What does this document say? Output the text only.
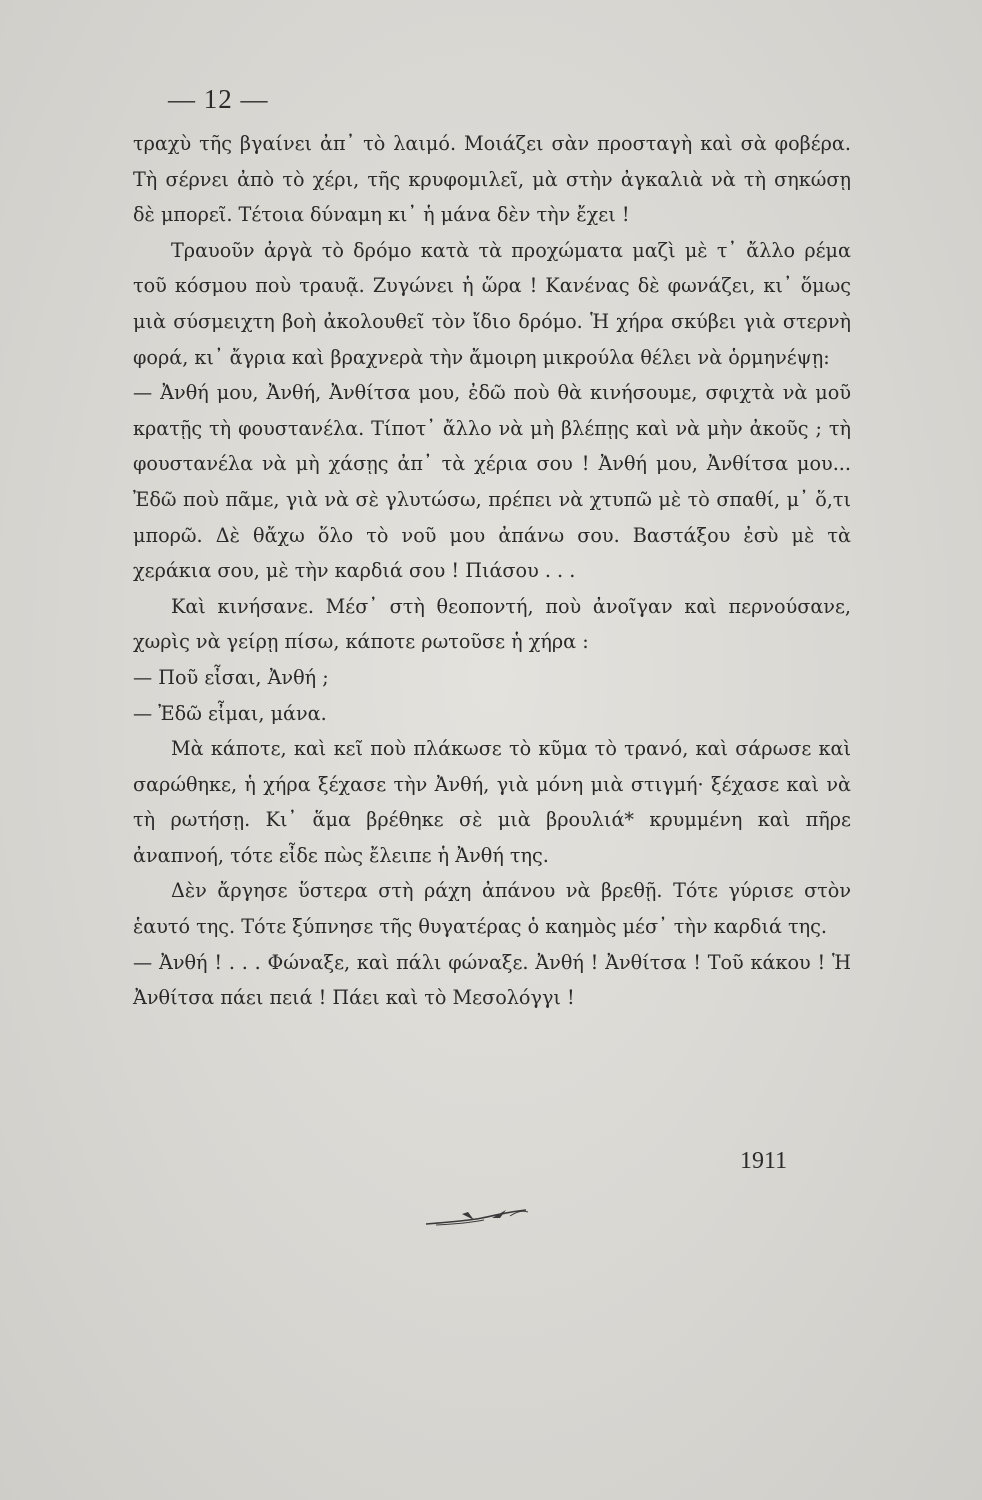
— 12 —

τραχὺ τῆς βγαίνει ἀπ᾽ τὸ λαιμό. Μοιάζει σὰν προσταγὴ καὶ σὰ φοβέρα. Τὴ σέρνει ἀπὸ τὸ χέρι, τῆς κρυφομιλεῖ, μὰ στὴν ἀγκαλιὰ νὰ τὴ σηκώσῃ δὲ μπορεῖ. Τέτοια δύναμη κι᾽ ἡ μάνα δὲν τὴν ἔχει !

Τραυοῦν ἀργὰ τὸ δρόμο κατὰ τὰ προχώματα μαζὶ μὲ τ᾽ ἄλλο ρέμα τοῦ κόσμου ποὺ τραυᾷ. Ζυγώνει ἡ ὥρα ! Κανένας δὲ φωνάζει, κι᾽ ὅμως μιὰ σύσμειχτη βοὴ ἀκολουθεῖ τὸν ἴδιο δρόμο. Ἡ χήρα σκύβει γιὰ στερνὴ φορά, κι᾽ ἄγρια καὶ βραχνερὰ τὴν ἄμοιρη μικρούλα θέλει νὰ ὁρμηνέψῃ:

— Ἀνθή μου, Ἀνθή, Ἀνθίτσα μου, ἐδῶ ποὺ θὰ κινήσουμε, σφιχτὰ νὰ μοῦ κρατῇς τὴ φουστανέλα. Τίποτ᾽ ἄλλο νὰ μὴ βλέπῃς καὶ νὰ μὴν ἀκοῦς ; τὴ φουστανέλα νὰ μὴ χάσῃς ἀπ᾽ τὰ χέρια σου ! Ἀνθή μου, Ἀνθίτσα μου... Ἐδῶ ποὺ πᾶμε, γιὰ νὰ σὲ γλυτώσω, πρέπει νὰ χτυπῶ μὲ τὸ σπαθί, μ᾽ ὅ,τι μπορῶ. Δὲ θἄχω ὅλο τὸ νοῦ μου ἀπάνω σου. Βαστάξου ἐσὺ μὲ τὰ χεράκια σου, μὲ τὴν καρδιά σου ! Πιάσου . . .

Καὶ κινήσανε. Μέσ᾽ στὴ θεοποντή, ποὺ ἀνοῖγαν καὶ περνούσανε, χωρὶς νὰ γείρῃ πίσω, κάποτε ρωτοῦσε ἡ χήρα :

— Ποῦ εἶσαι, Ἀνθή ;

— Ἐδῶ εἶμαι, μάνα.

Μὰ κάποτε, καὶ κεῖ ποὺ πλάκωσε τὸ κῦμα τὸ τρανό, καὶ σάρωσε καὶ σαρώθηκε, ἡ χήρα ξέχασε τὴν Ἀνθή, γιὰ μόνη μιὰ στιγμή· ξέχασε καὶ νὰ τὴ ρωτήσῃ. Κι᾽ ἅμα βρέθηκε σὲ μιὰ βρουλιά* κρυμμένη καὶ πῆρε ἀναπνοή, τότε εἶδε πὼς ἔλειπε ἡ Ἀνθή της.

Δὲν ἄργησε ὕστερα στὴ ράχη ἀπάνου νὰ βρεθῇ. Τότε γύρισε στὸν ἑαυτό της. Τότε ξύπνησε τῆς θυγατέρας ὁ καημὸς μέσ᾽ τὴν καρδιά της.

— Ἀνθή ! . . . Φώναξε, καὶ πάλι φώναξε. Ἀνθή ! Ἀνθίτσα ! Τοῦ κάκου ! Ἡ Ἀνθίτσα πάει πειά ! Πάει καὶ τὸ Μεσολόγγι !

1911
